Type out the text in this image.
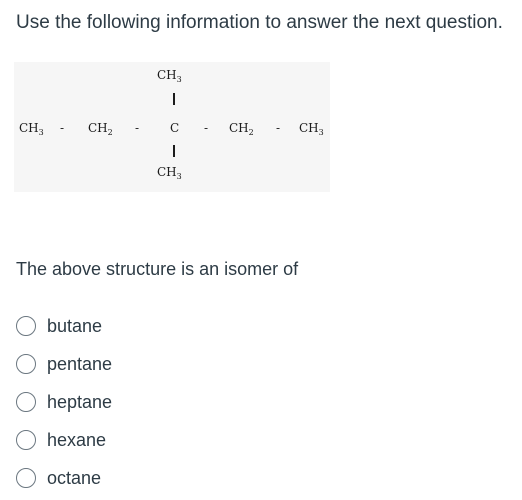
Use the following information to answer the next question.
$CH_3$
$CH_3 - CH_2$ -	C - $CH_2 - CH_3$
$CH_3$
The above structure is an isomer of
butane
pentane
heptane
hexane
octane
